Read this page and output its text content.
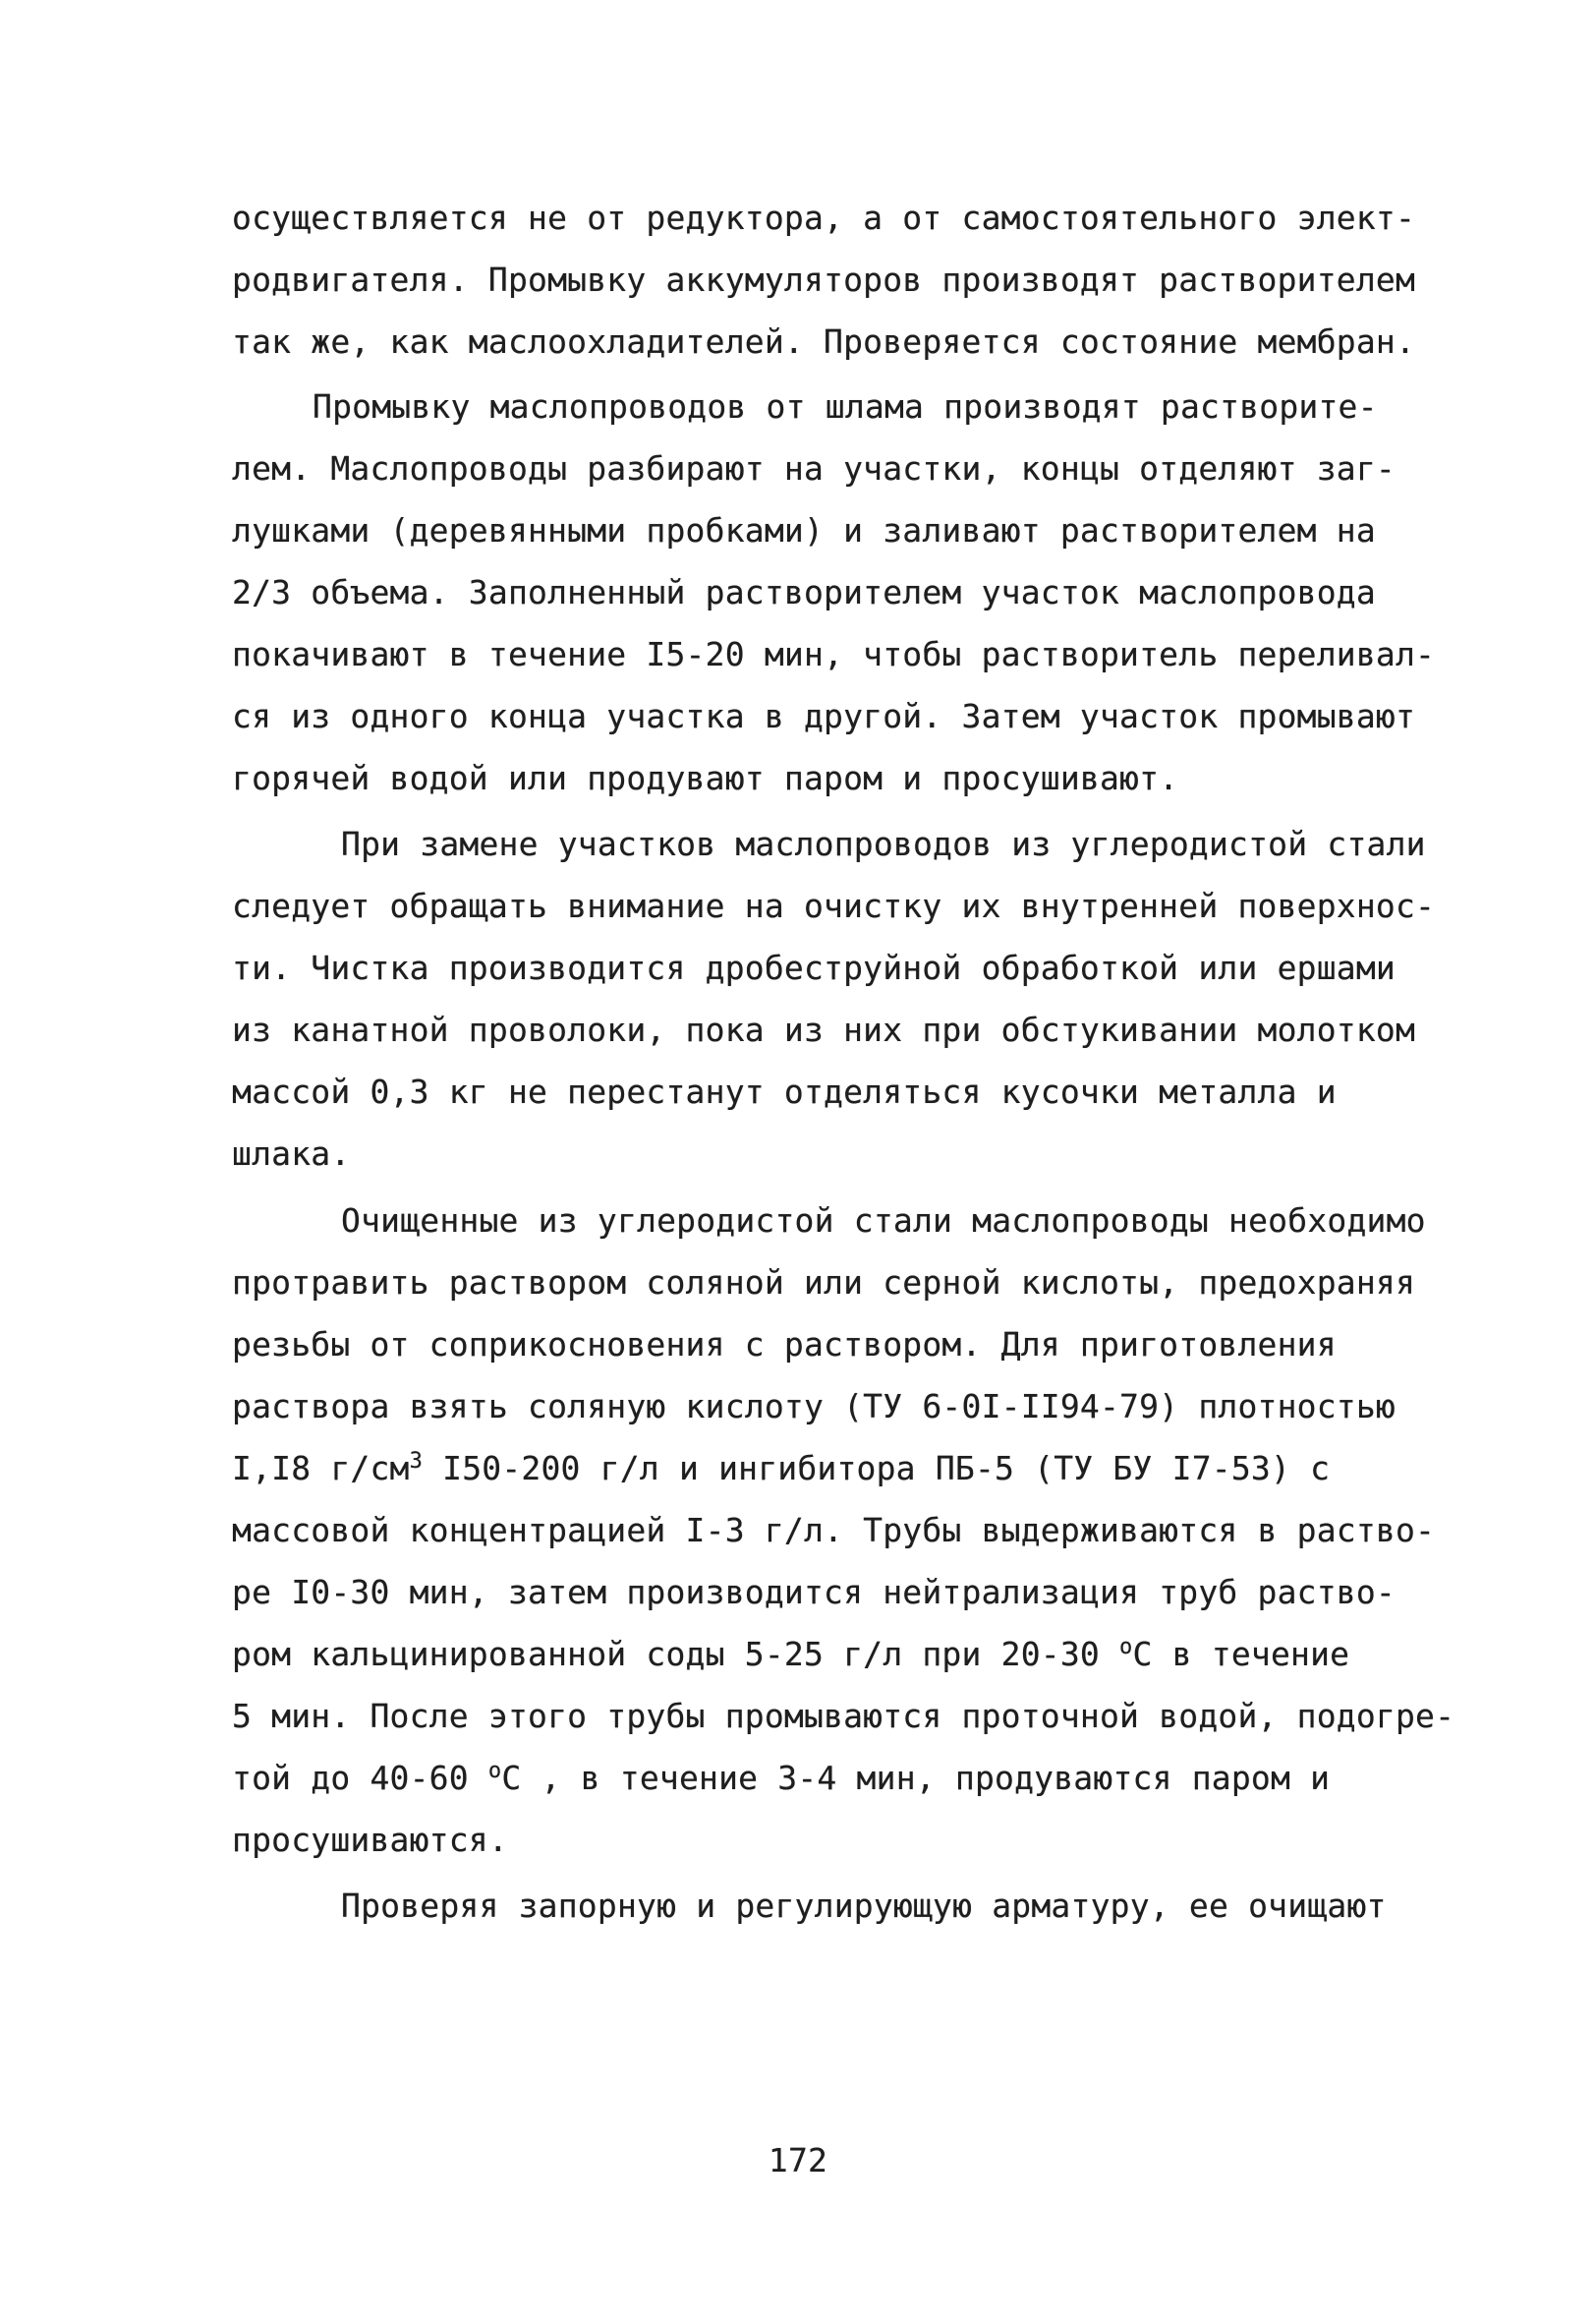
осуществляется не от редуктора, а от самостоятельного элект-
родвигателя. Промывку аккумуляторов производят растворителем
так же, как маслоохладителей. Проверяется состояние мембран.
Промывку маслопроводов от шлама производят растворите-
лем. Маслопроводы разбирают на участки, концы отделяют заг-
лушками (деревянными пробками) и заливают растворителем на
2/3 объема. Заполненный растворителем участок маслопровода
покачивают в течение I5-20 мин, чтобы растворитель переливал-
ся из одного конца участка в другой. Затем участок промывают
горячей водой или продувают паром и просушивают.
При замене участков маслопроводов из углеродистой стали
следует обращать внимание на очистку их внутренней поверхнос-
ти. Чистка производится дробеструйной обработкой или ершами
из канатной проволоки, пока из них при обстукивании молотком
массой 0,3 кг не перестанут отделяться кусочки металла и
шлака.
Очищенные из углеродистой стали маслопроводы необходимо
протравить раствором соляной или серной кислоты, предохраняя
резьбы от соприкосновения с раствором. Для приготовления
раствора взять соляную кислоту (ТУ 6-0I-II94-79) плотностью
I,I8 $г/см^3$ I50-200 г/л и ингибитора ПБ-5 (ТУ БУ I7-53) с
массовой концентрацией I-3 г/л. Трубы выдерживаются в раство-
ре I0-30 мин, затем производится нейтрализация труб раство-
ром кальцинированной соды 5-25 г/л при 20-30 $^о$С в течение
5 мин. После этого трубы промываются проточной водой, подогре-
той до 40-60 $^о$С , в течение 3-4 мин, продуваются паром и
просушиваются.
Проверяя запорную и регулирующую арматуру, ее очищают
172
